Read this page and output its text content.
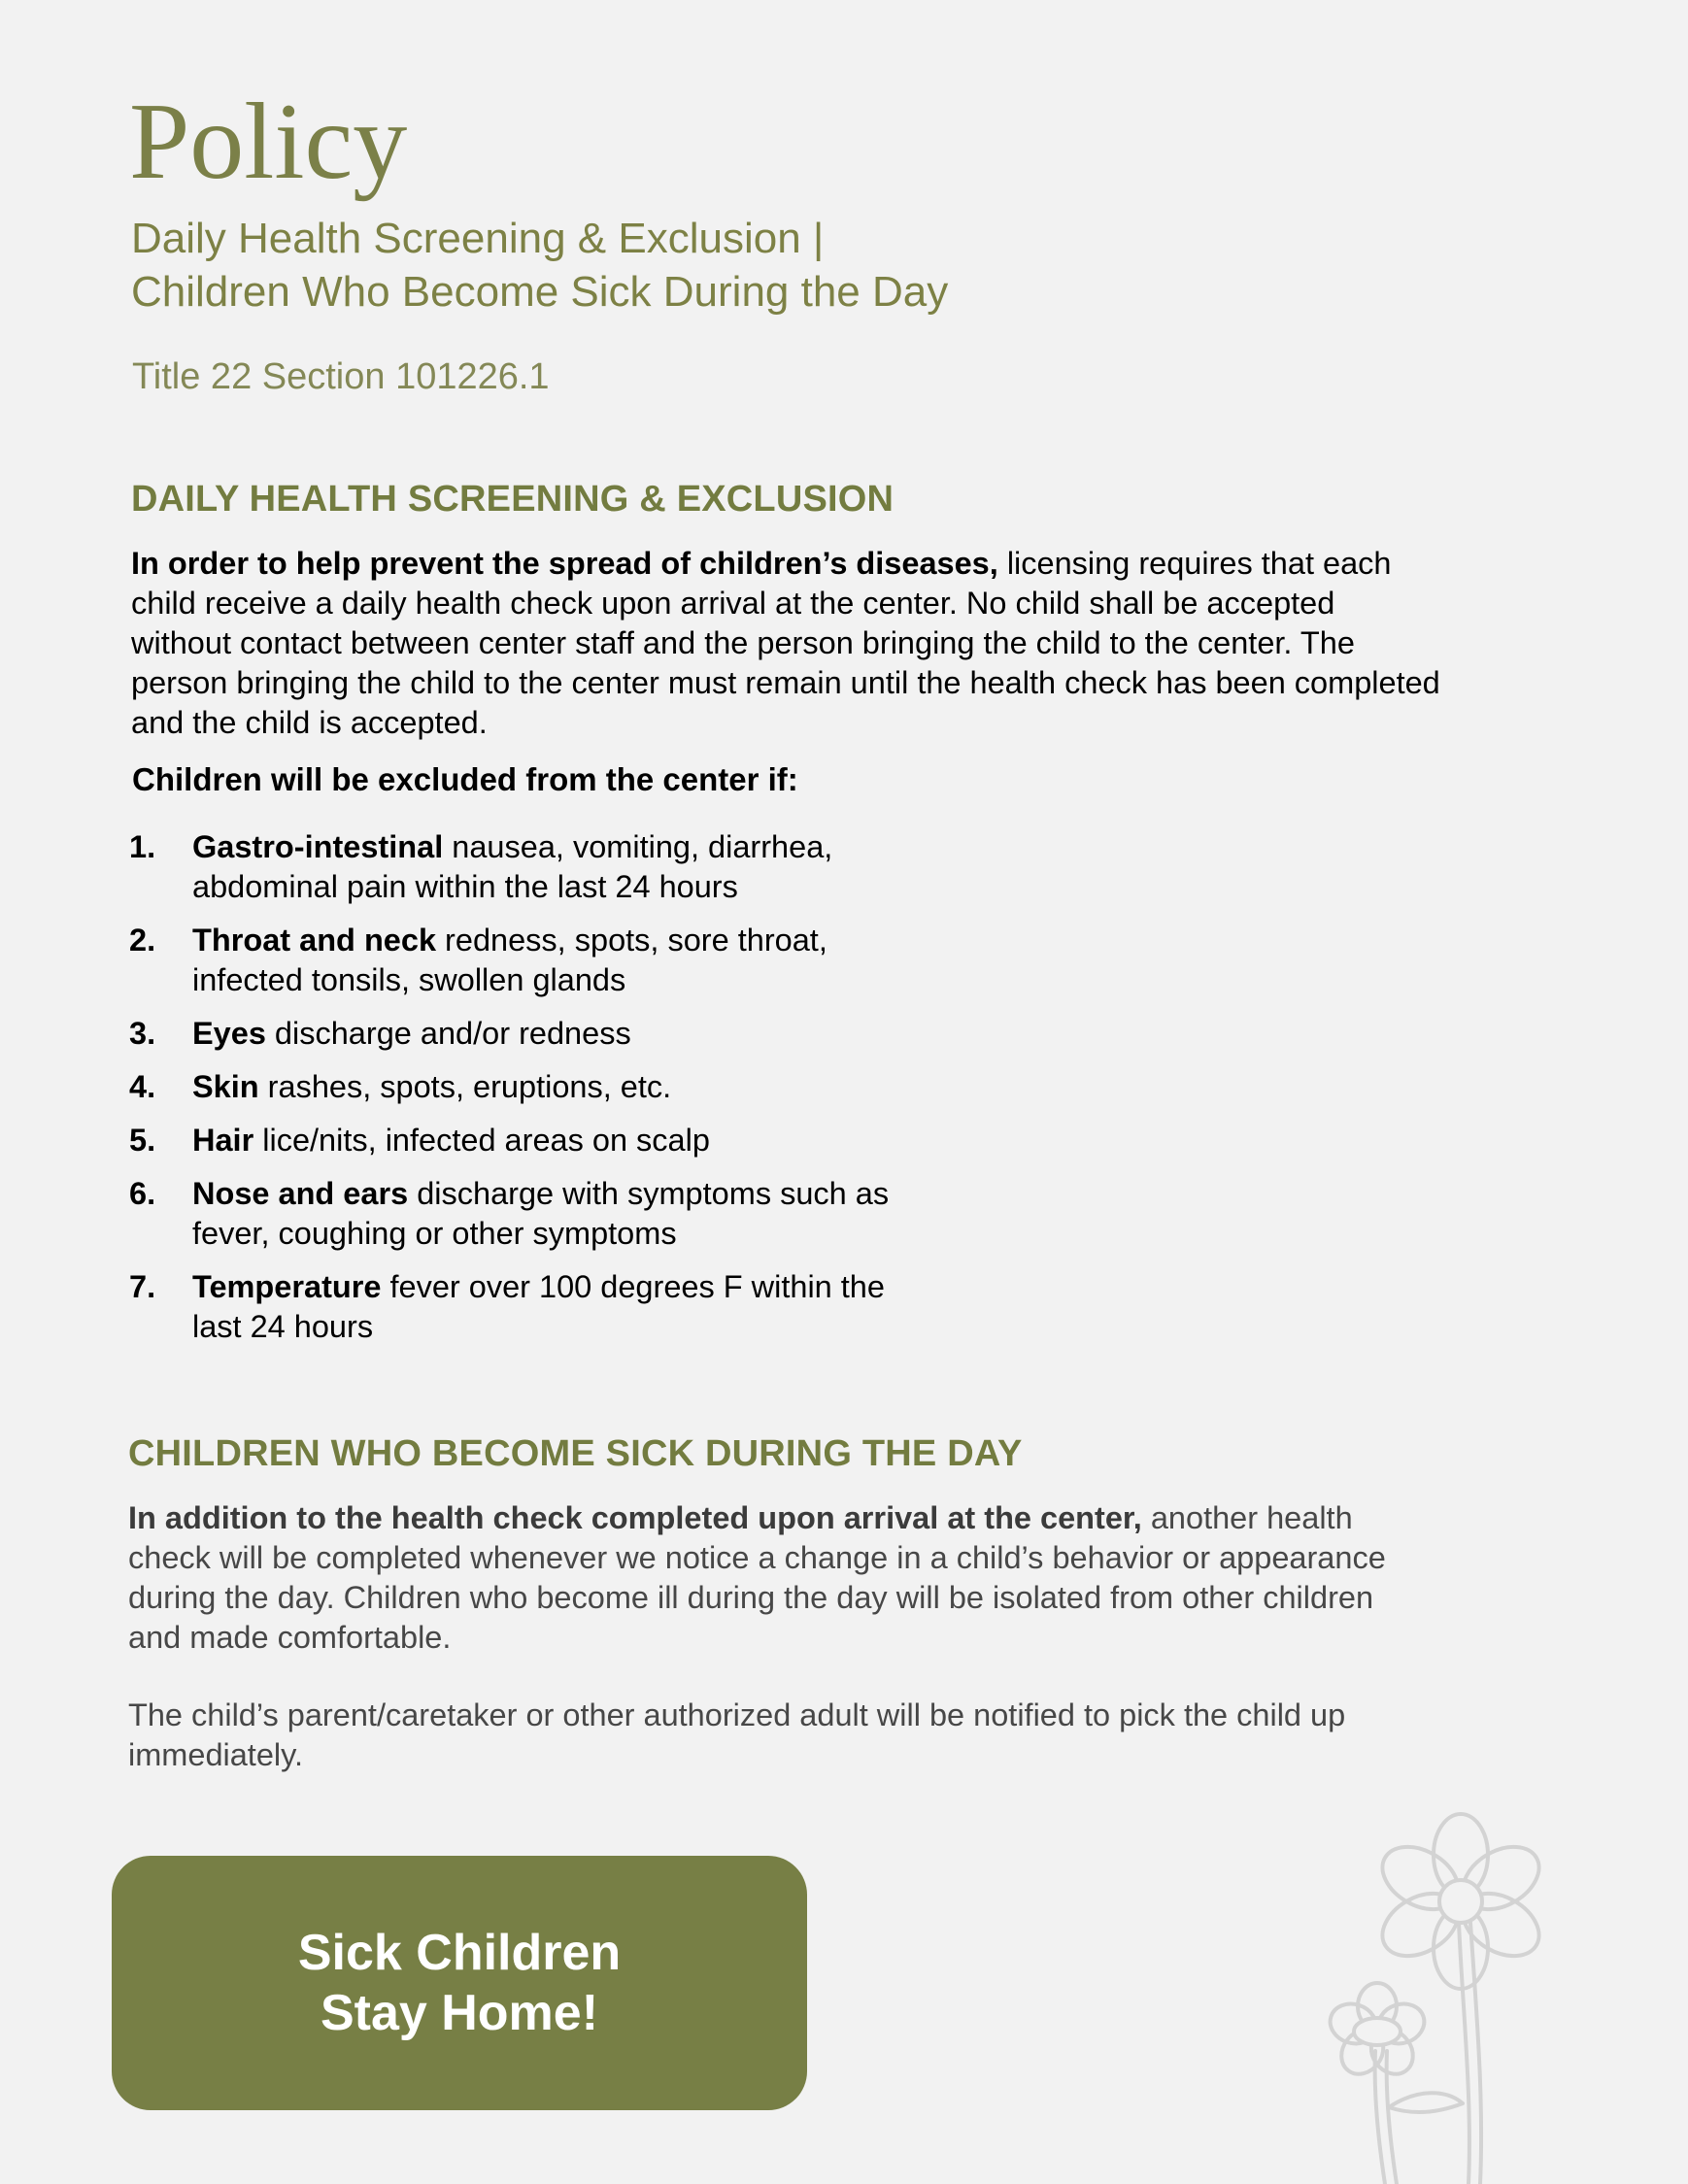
Policy
Daily Health Screening & Exclusion |
Children Who Become Sick During the Day
Title 22 Section 101226.1
DAILY HEALTH SCREENING & EXCLUSION

In order to help prevent the spread of children’s diseases, licensing requires that each
child receive a daily health check upon arrival at the center. No child shall be accepted
without contact between center staff and the person bringing the child to the center. The
person bringing the child to the center must remain until the health check has been completed
and the child is accepted.

Children will be excluded from the center if:
1. Gastro-intestinal nausea, vomiting, diarrhea,
abdominal pain within the last 24 hours
2. Throat and neck redness, spots, sore throat,
infected tonsils, swollen glands
3. Eyes discharge and/or redness
4. Skin rashes, spots, eruptions, etc.
5. Hair lice/nits, infected areas on scalp
6. Nose and ears discharge with symptoms such as
fever, coughing or other symptoms
7. Temperature fever over 100 degrees F within the
last 24 hours
CHILDREN WHO BECOME SICK DURING THE DAY

In addition to the health check completed upon arrival at the center, another health
check will be completed whenever we notice a change in a child’s behavior or appearance
during the day. Children who become ill during the day will be isolated from other children
and made comfortable.

The child’s parent/caretaker or other authorized adult will be notified to pick the child up
immediately.

Sick Children
Stay Home!
